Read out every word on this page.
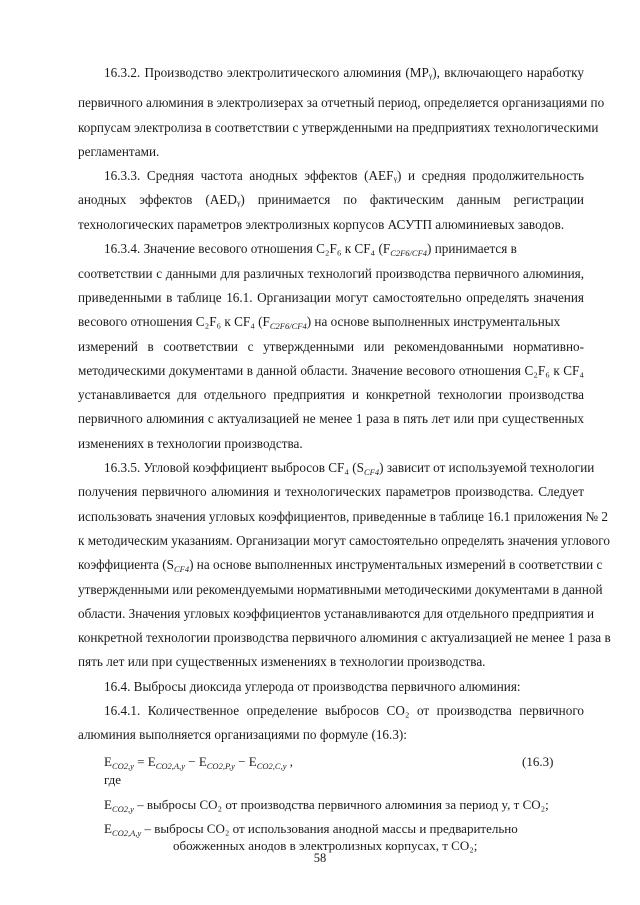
16.3.2. Производство электролитического алюминия (MPᵧ), включающего наработку
первичного алюминия в электролизерах за отчетный период, определяется организациями по
корпусам электролиза в соответствии с утвержденными на предприятиях технологическими
регламентами.
16.3.3. Средняя частота анодных эффектов (AEFᵧ) и средняя продолжительность
анодных эффектов (AEDᵧ) принимается по фактическим данным регистрации
технологических параметров электролизных корпусов АСУТП алюминиевых заводов.
16.3.4. Значение весового отношения C₂F₆ к CF₄ $(F_{C2F6/CF4})$ принимается в
соответствии с данными для различных технологий производства первичного алюминия,
приведенными в таблице 16.1. Организации могут самостоятельно определять значения
весового отношения C₂F₆ к CF₄ $(F_{C2F6/CF4})$ на основе выполненных инструментальных
измерений в соответствии с утвержденными или рекомендованными нормативно-
методическими документами в данной области. Значение весового отношения C₂F₆ к CF₄
устанавливается для отдельного предприятия и конкретной технологии производства
первичного алюминия с актуализацией не менее 1 раза в пять лет или при существенных
изменениях в технологии производства.
16.3.5. Угловой коэффициент выбросов CF₄ $(S_{CF4})$ зависит от используемой технологии
получения первичного алюминия и технологических параметров производства. Следует
использовать значения угловых коэффициентов, приведенные в таблице 16.1 приложения № 2
к методическим указаниям. Организации могут самостоятельно определять значения углового
коэффициента $(S_{CF4})$ на основе выполненных инструментальных измерений в соответствии с
утвержденными или рекомендуемыми нормативными методическими документами в данной
области. Значения угловых коэффициентов устанавливаются для отдельного предприятия и
конкретной технологии производства первичного алюминия с актуализацией не менее 1 раза в
пять лет или при существенных изменениях в технологии производства.
16.4. Выбросы диоксида углерода от производства первичного алюминия:
16.4.1. Количественное определение выбросов CO₂ от производства первичного
алюминия выполняется организациями по формуле (16.3):
$E_{CO2,y} = E_{CO2,A,y} - E_{CO2,P,y} - E_{CO2,C,y}$ ,	(16.3)
где
$E_{CO2,y}$ – выбросы CO₂ от производства первичного алюминия за период y, т CO₂;
$E_{CO2,A,y}$ – выбросы CO₂ от использования анодной массы и предварительно
обожженных анодов в электролизных корпусах, т CO₂;
58
